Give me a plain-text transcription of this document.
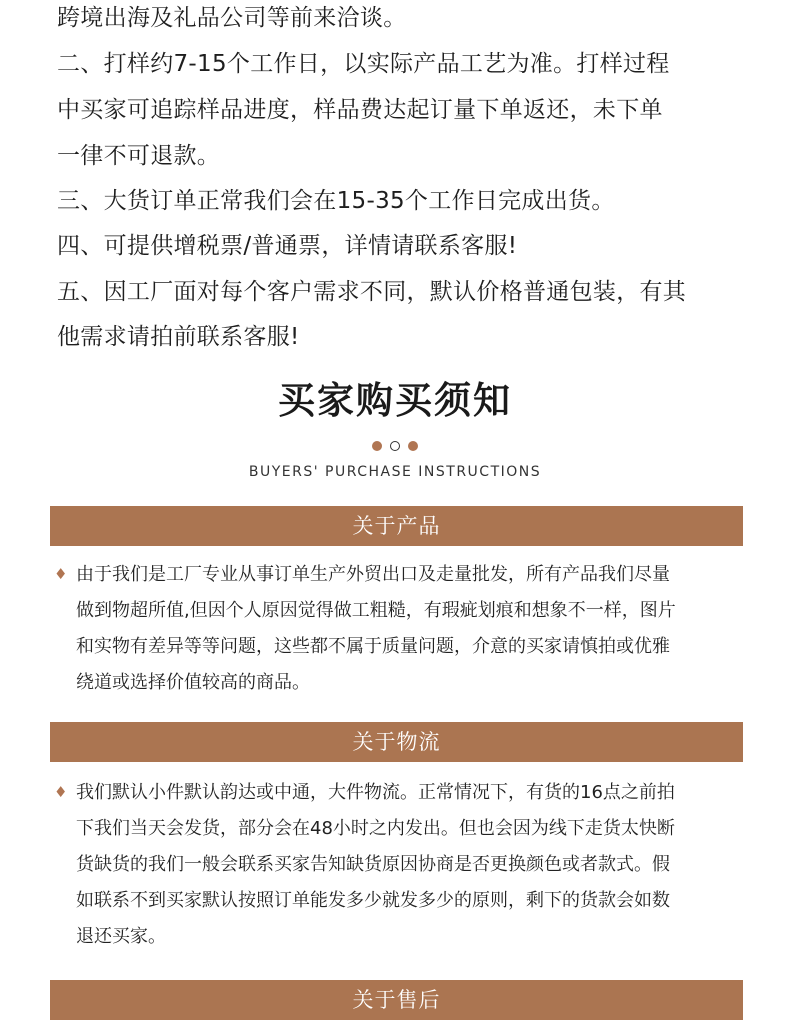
跨境出海及礼品公司等前来洽谈。
二、打样约7-15个工作日，以实际产品工艺为准。打样过程
中买家可追踪样品进度，样品费达起订量下单返还，未下单
一律不可退款。
三、大货订单正常我们会在15-35个工作日完成出货。
四、可提供增税票/普通票，详情请联系客服!
五、因工厂面对每个客户需求不同，默认价格普通包装，有其
他需求请拍前联系客服!
买家购买须知
BUYERS' PURCHASE INSTRUCTIONS
关于产品
♦ 由于我们是工厂专业从事订单生产外贸出口及走量批发，所有产品我们尽量
做到物超所值,但因个人原因觉得做工粗糙，有瑕疵划痕和想象不一样，图片
和实物有差异等等问题，这些都不属于质量问题，介意的买家请慎拍或优雅
绕道或选择价值较高的商品。
关于物流
♦ 我们默认小件默认韵达或中通，大件物流。正常情况下，有货的16点之前拍
下我们当天会发货，部分会在48小时之内发出。但也会因为线下走货太快断
货缺货的我们一般会联系买家告知缺货原因协商是否更换颜色或者款式。假
如联系不到买家默认按照订单能发多少就发多少的原则，剩下的货款会如数
退还买家。
关于售后
